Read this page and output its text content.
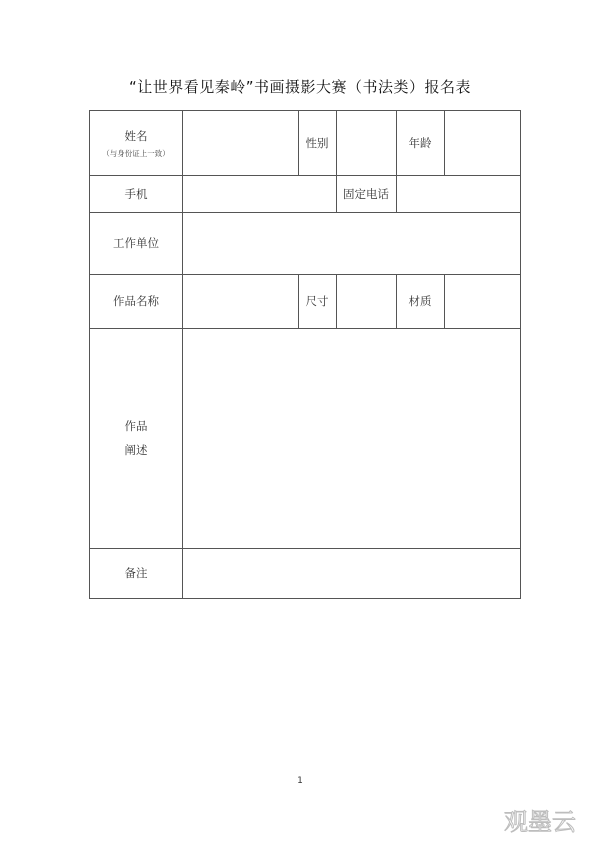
“让世界看见秦岭”书画摄影大赛（书法类）报名表
姓名
（与身份证上一致）
性别	年龄
手机	固定电话
工作单位
作品名称	尺寸	材质
作品
阐述
备注
1
观墨云
